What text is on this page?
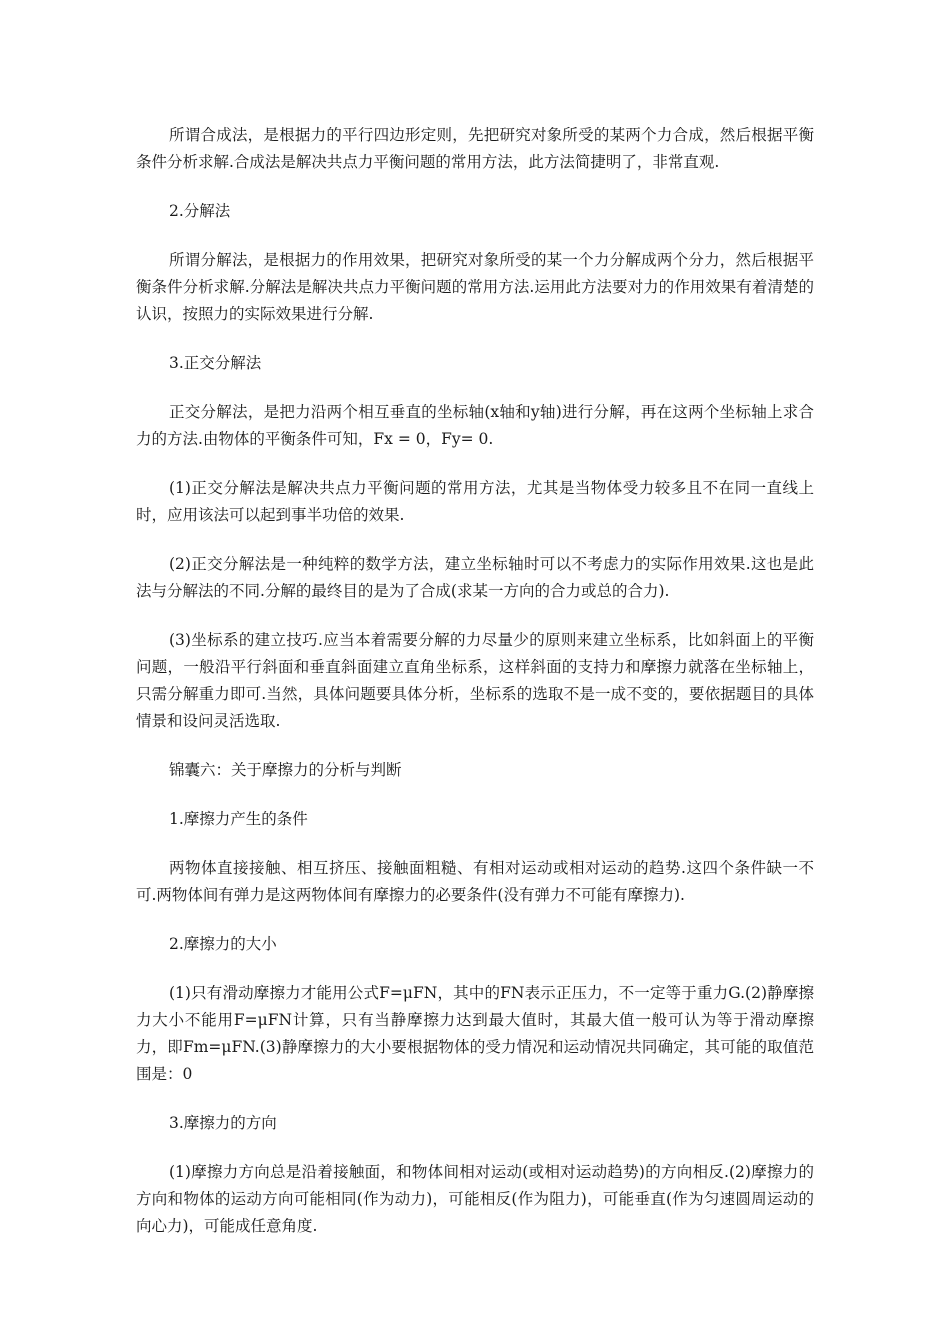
所谓合成法，是根据力的平行四边形定则，先把研究对象所受的某两个力合成，然后根据平衡条件分析求解.合成法是解决共点力平衡问题的常用方法，此方法简捷明了，非常直观.

2.分解法

所谓分解法，是根据力的作用效果，把研究对象所受的某一个力分解成两个分力，然后根据平衡条件分析求解.分解法是解决共点力平衡问题的常用方法.运用此方法要对力的作用效果有着清楚的认识，按照力的实际效果进行分解.

3.正交分解法

正交分解法，是把力沿两个相互垂直的坐标轴(x轴和y轴)进行分解，再在这两个坐标轴上求合力的方法.由物体的平衡条件可知，Fx = 0，Fy= 0.

(1)正交分解法是解决共点力平衡问题的常用方法，尤其是当物体受力较多且不在同一直线上时，应用该法可以起到事半功倍的效果.

(2)正交分解法是一种纯粹的数学方法，建立坐标轴时可以不考虑力的实际作用效果.这也是此法与分解法的不同.分解的最终目的是为了合成(求某一方向的合力或总的合力).

(3)坐标系的建立技巧.应当本着需要分解的力尽量少的原则来建立坐标系，比如斜面上的平衡问题，一般沿平行斜面和垂直斜面建立直角坐标系，这样斜面的支持力和摩擦力就落在坐标轴上，只需分解重力即可.当然，具体问题要具体分析，坐标系的选取不是一成不变的，要依据题目的具体情景和设问灵活选取.

锦囊六：关于摩擦力的分析与判断

1.摩擦力产生的条件

两物体直接接触、相互挤压、接触面粗糙、有相对运动或相对运动的趋势.这四个条件缺一不可.两物体间有弹力是这两物体间有摩擦力的必要条件(没有弹力不可能有摩擦力).

2.摩擦力的大小

(1)只有滑动摩擦力才能用公式F=μFN，其中的FN表示正压力，不一定等于重力G.(2)静摩擦力大小不能用F=μFN计算，只有当静摩擦力达到最大值时，其最大值一般可认为等于滑动摩擦力，即Fm=μFN.(3)静摩擦力的大小要根据物体的受力情况和运动情况共同确定，其可能的取值范围是：0

3.摩擦力的方向

(1)摩擦力方向总是沿着接触面，和物体间相对运动(或相对运动趋势)的方向相反.(2)摩擦力的方向和物体的运动方向可能相同(作为动力)，可能相反(作为阻力)，可能垂直(作为匀速圆周运动的向心力)，可能成任意角度.
